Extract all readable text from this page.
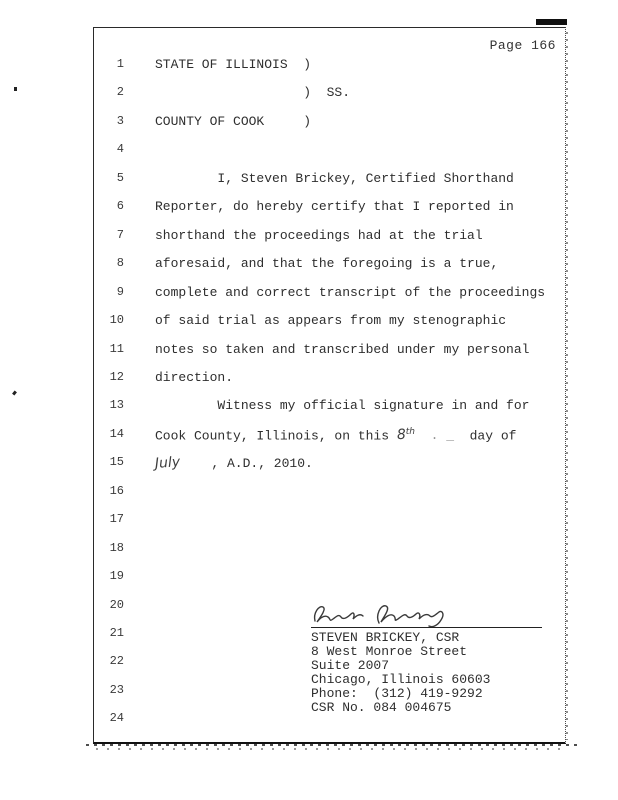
Page 166
1 STATE OF ILLINOIS  )
2 )  SS.
3 COUNTY OF COOK     )
4
5 I, Steven Brickey, Certified Shorthand
6 Reporter, do hereby certify that I reported in
7 shorthand the proceedings had at the trial
8 aforesaid, and that the foregoing is a true,
9 complete and correct transcript of the proceedings
10 of said trial as appears from my stenographic
11 notes so taken and transcribed under my personal
12 direction.
13 Witness my official signature in and for
14 Cook County, Illinois, on this 8th  . _  day of
15 July    , A.D., 2010.
16
17
18
19
20
21
22
23
24
STEVEN BRICKEY, CSR
8 West Monroe Street
Suite 2007
Chicago, Illinois 60603
Phone:  (312) 419-9292
CSR No. 084 004675
